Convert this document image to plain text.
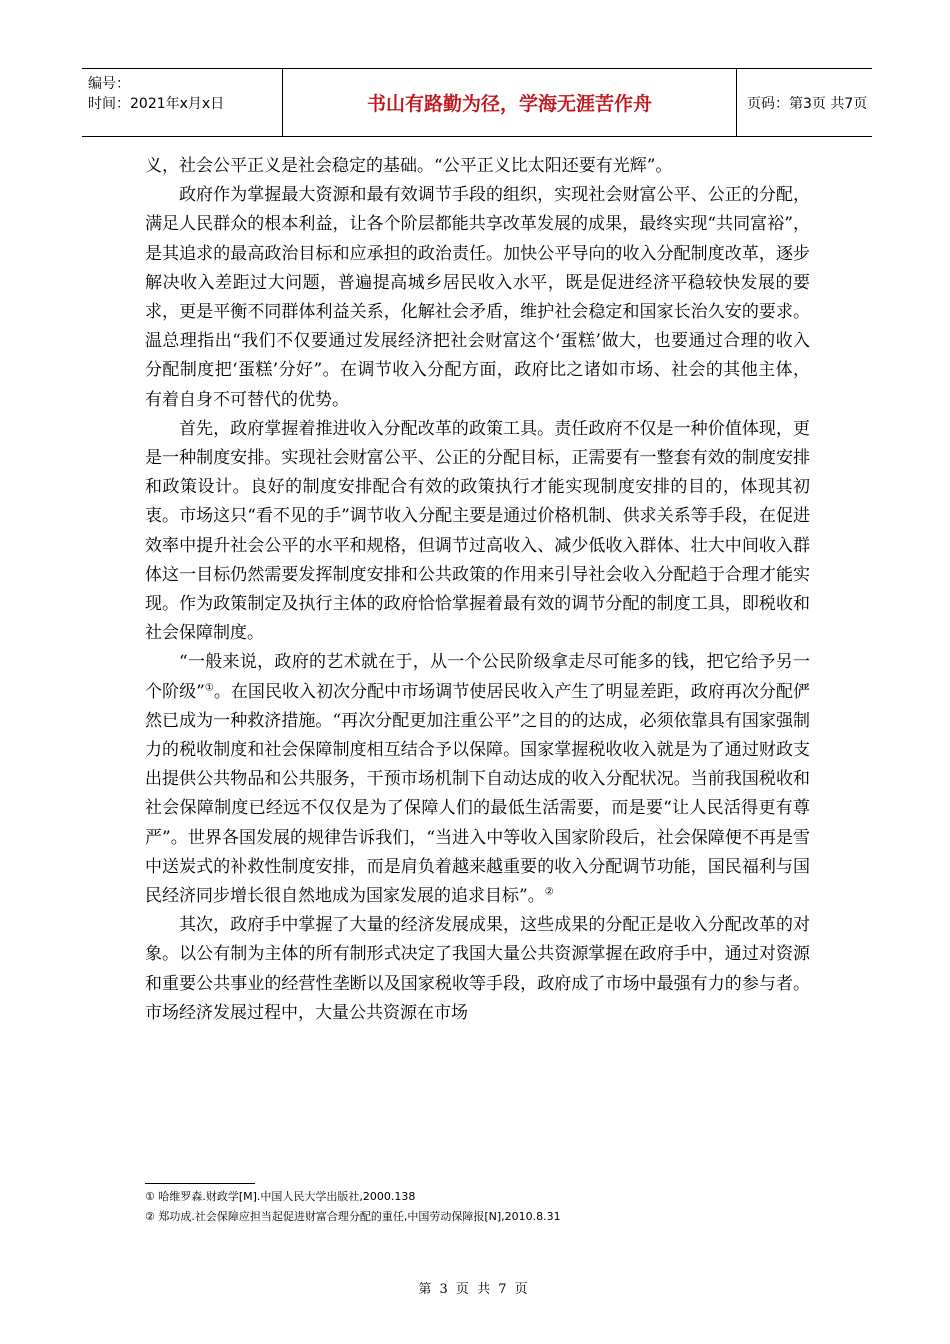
编号：
时间：2021年x月x日	书山有路勤为径，学海无涯苦作舟	页码：第3页 共7页

义，社会公平正义是社会稳定的基础。“公平正义比太阳还要有光辉”。

政府作为掌握最大资源和最有效调节手段的组织，实现社会财富公平、公正的分配，满足人民群众的根本利益，让各个阶层都能共享改革发展的成果，最终实现“共同富裕”，是其追求的最高政治目标和应承担的政治责任。加快公平导向的收入分配制度改革，逐步解决收入差距过大问题，普遍提高城乡居民收入水平，既是促进经济平稳较快发展的要求，更是平衡不同群体利益关系，化解社会矛盾，维护社会稳定和国家长治久安的要求。温总理指出“我们不仅要通过发展经济把社会财富这个‘蛋糕’做大，也要通过合理的收入分配制度把‘蛋糕’分好”。在调节收入分配方面，政府比之诸如市场、社会的其他主体，有着自身不可替代的优势。

首先，政府掌握着推进收入分配改革的政策工具。责任政府不仅是一种价值体现，更是一种制度安排。实现社会财富公平、公正的分配目标，正需要有一整套有效的制度安排和政策设计。良好的制度安排配合有效的政策执行才能实现制度安排的目的，体现其初衷。市场这只“看不见的手”调节收入分配主要是通过价格机制、供求关系等手段，在促进效率中提升社会公平的水平和规格，但调节过高收入、减少低收入群体、壮大中间收入群体这一目标仍然需要发挥制度安排和公共政策的作用来引导社会收入分配趋于合理才能实现。作为政策制定及执行主体的政府恰恰掌握着最有效的调节分配的制度工具，即税收和社会保障制度。

“一般来说，政府的艺术就在于，从一个公民阶级拿走尽可能多的钱，把它给予另一个阶级”①。在国民收入初次分配中市场调节使居民收入产生了明显差距，政府再次分配俨然已成为一种救济措施。“再次分配更加注重公平”之目的的达成，必须依靠具有国家强制力的税收制度和社会保障制度相互结合予以保障。国家掌握税收收入就是为了通过财政支出提供公共物品和公共服务，干预市场机制下自动达成的收入分配状况。当前我国税收和社会保障制度已经远不仅仅是为了保障人们的最低生活需要，而是要“让人民活得更有尊严”。世界各国发展的规律告诉我们，“当进入中等收入国家阶段后，社会保障便不再是雪中送炭式的补救性制度安排，而是肩负着越来越重要的收入分配调节功能，国民福利与国民经济同步增长很自然地成为国家发展的追求目标”。②

其次，政府手中掌握了大量的经济发展成果，这些成果的分配正是收入分配改革的对象。以公有制为主体的所有制形式决定了我国大量公共资源掌握在政府手中，通过对资源和重要公共事业的经营性垄断以及国家税收等手段，政府成了市场中最强有力的参与者。市场经济发展过程中，大量公共资源在市场

① 哈维罗森.财政学[M].中国人民大学出版社,2000.138
② 郑功成.社会保障应担当起促进财富合理分配的重任,中国劳动保障报[N],2010.8.31
第 3 页 共 7 页
